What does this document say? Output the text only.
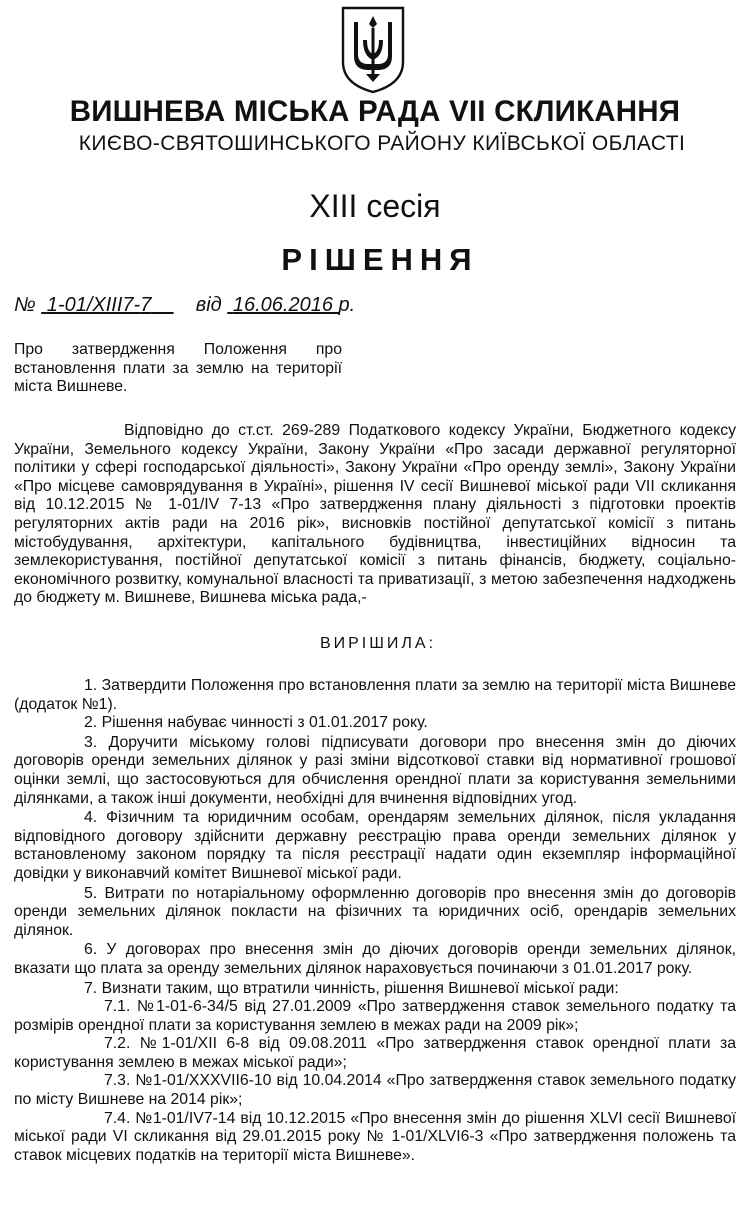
ВИШНЕВА МІСЬКА РАДА VII СКЛИКАННЯ
КИЄВО-СВЯТОШИНСЬКОГО РАЙОНУ КИЇВСЬКОЇ ОБЛАСТІ
XIII сесія
РІШЕННЯ
№ 1-01/XIII7-7 від 16.06.2016 р.
Про затвердження Положення про встановлення плати за землю на території міста Вишневе.

Відповідно до ст.ст. 269-289 Податкового кодексу України, Бюджетного кодексу України, Земельного кодексу України, Закону України «Про засади державної регуляторної політики у сфері господарської діяльності», Закону України «Про оренду землі», Закону України «Про місцеве самоврядування в Україні», рішення IV сесії Вишневої міської ради VII скликання від 10.12.2015 № 1-01/IV 7-13 «Про затвердження плану діяльності з підготовки проектів регуляторних актів ради на 2016 рік», висновків постійної депутатської комісії з питань містобудування, архітектури, капітального будівництва, інвестиційних відносин та землекористування, постійної депутатської комісії з питань фінансів, бюджету, соціально-економічного розвитку, комунальної власності та приватизації, з метою забезпечення надходжень до бюджету м. Вишневе, Вишнева міська рада,-

ВИРІШИЛА:

1. Затвердити Положення про встановлення плати за землю на території міста Вишневе (додаток №1).

2. Рішення набуває чинності з 01.01.2017 року.

3. Доручити міському голові підписувати договори про внесення змін до діючих договорів оренди земельних ділянок у разі зміни відсоткової ставки від нормативної грошової оцінки землі, що застосовуються для обчислення орендної плати за користування земельними ділянками, а також інші документи, необхідні для вчинення відповідних угод.

4. Фізичним та юридичним особам, орендарям земельних ділянок, після укладання відповідного договору здійснити державну реєстрацію права оренди земельних ділянок у встановленому законом порядку та після реєстрації надати один екземпляр інформаційної довідки у виконавчий комітет Вишневої міської ради.

5. Витрати по нотаріальному оформленню договорів про внесення змін до договорів оренди земельних ділянок покласти на фізичних та юридичних осіб, орендарів земельних ділянок.

6. У договорах про внесення змін до діючих договорів оренди земельних ділянок, вказати що плата за оренду земельних ділянок нараховується починаючи з 01.01.2017 року.

7. Визнати таким, що втратили чинність, рішення Вишневої міської ради:

7.1. №1-01-6-34/5 від 27.01.2009 «Про затвердження ставок земельного податку та розмірів орендної плати за користування землею в межах ради на 2009 рік»;

7.2. №1-01/XII 6-8 від 09.08.2011 «Про затвердження ставок орендної плати за користування землею в межах міської ради»;

7.3. №1-01/XXXVII6-10 від 10.04.2014 «Про затвердження ставок земельного податку по місту Вишневе на 2014 рік»;

7.4. №1-01/IV7-14 від 10.12.2015 «Про внесення змін до рішення XLVI сесії Вишневої міської ради VI скликання від 29.01.2015 року № 1-01/XLVI6-3 «Про затвердження положень та ставок місцевих податків на території міста Вишневе».
